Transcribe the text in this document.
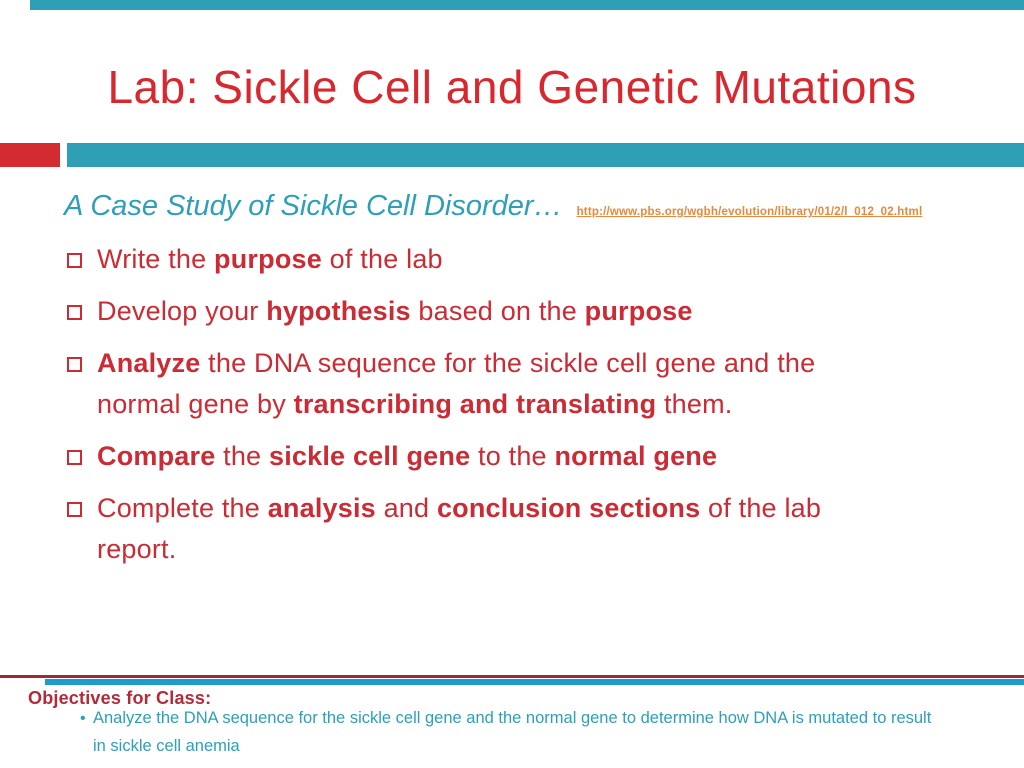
Lab: Sickle Cell and Genetic Mutations
A Case Study of Sickle Cell Disorder… http://www.pbs.org/wgbh/evolution/library/01/2/l_012_02.html
Write the purpose of the lab
Develop your hypothesis based on the purpose
Analyze the DNA sequence for the sickle cell gene and the
normal gene by transcribing and translating them.
Compare the sickle cell gene to the normal gene
Complete the analysis and conclusion sections of the lab
report.
Objectives for Class:
• Analyze the DNA sequence for the sickle cell gene and the normal gene to determine how DNA is mutated to result
in sickle cell anemia
